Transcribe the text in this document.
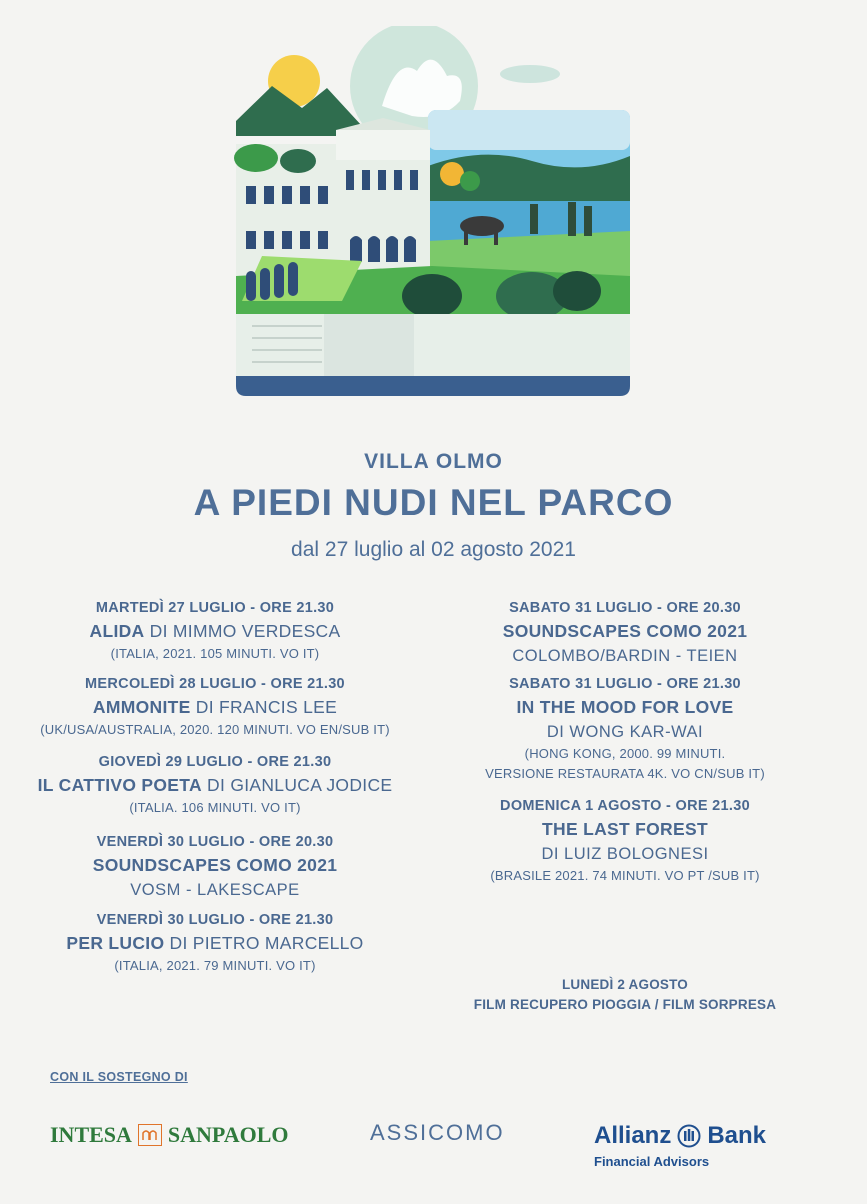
VILLA OLMO
A PIEDI NUDI NEL PARCO
dal 27 luglio al 02 agosto 2021
MARTEDÌ 27 LUGLIO - ORE 21.30
ALIDA DI MIMMO VERDESCA
(ITALIA, 2021. 105 MINUTI. VO IT)
MERCOLEDÌ 28 LUGLIO - ORE 21.30
AMMONITE DI FRANCIS LEE
(UK/USA/AUSTRALIA, 2020. 120 MINUTI. VO EN/SUB IT)
GIOVEDÌ 29 LUGLIO - ORE 21.30
IL CATTIVO POETA DI GIANLUCA JODICE
(ITALIA. 106 MINUTI. VO IT)
VENERDÌ 30 LUGLIO - ORE 20.30
SOUNDSCAPES COMO 2021
VOSM - LAKESCAPE
VENERDÌ 30 LUGLIO - ORE 21.30
PER LUCIO DI PIETRO MARCELLO
(ITALIA, 2021. 79 MINUTI. VO IT)
SABATO 31 LUGLIO - ORE 20.30
SOUNDSCAPES COMO 2021
COLOMBO/BARDIN - TEIEN
SABATO 31 LUGLIO - ORE 21.30
IN THE MOOD FOR LOVE
DI WONG KAR-WAI
(HONG KONG, 2000. 99 MINUTI.
VERSIONE RESTAURATA 4K. VO CN/SUB IT)
DOMENICA 1 AGOSTO - ORE 21.30
THE LAST FOREST
DI LUIZ BOLOGNESI
(BRASILE 2021. 74 MINUTI. VO PT /SUB IT)
LUNEDÌ 2 AGOSTO
FILM RECUPERO PIOGGIA / FILM SORPRESA
CON IL SOSTEGNO DI
INTESA SANPAOLO	ASSICOMO	Allianz Bank
Financial Advisors
